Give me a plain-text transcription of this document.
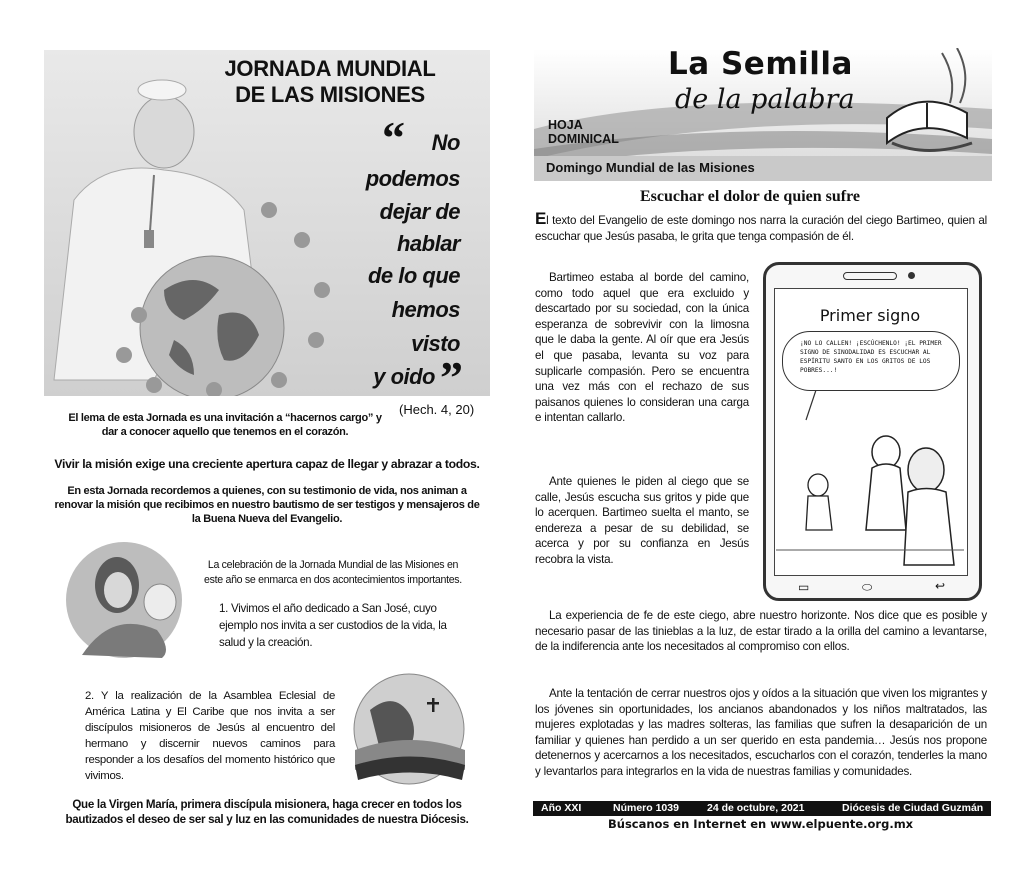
JORNADA MUNDIAL
DE LAS MISIONES
“	No
podemos
dejar de
hablar
de lo que
hemos
visto
y oido ”
(Hech. 4, 20)
El lema de esta Jornada es una invitación a “hacernos cargo” y dar a conocer aquello que tenemos en el corazón.
Vivir la misión exige una creciente apertura capaz de llegar y abrazar a todos.
En esta Jornada recordemos a quienes, con su testimonio de vida, nos animan a renovar la misión que recibimos en nuestro bautismo de ser testigos y mensajeros de la Buena Nueva del Evangelio.
La celebración de la Jornada Mundial de las Misiones en este año se enmarca en dos acontecimientos importantes.
1. Vivimos el año dedicado a San José, cuyo ejemplo nos invita a ser custodios de la vida, la salud y la creación.
2. Y la realización de la Asamblea Eclesial de América Latina y El Caribe que nos invita a ser discípulos misioneros de Jesús al encuentro del hermano y discernir nuevos caminos para responder a los desafíos del momento histórico que vivimos.
Que la Virgen María, primera discípula misionera, haga crecer en todos los bautizados el deseo de ser sal y luz en las comunidades de nuestra Diócesis.
La Semilla
de la palabra
HOJA
DOMINICAL
Domingo Mundial de las Misiones
Escuchar el dolor de quien sufre
El texto del Evangelio de este domingo nos narra la curación del ciego Bartimeo, quien al escuchar que Jesús pasaba, le grita que tenga compasión de él.
Bartimeo estaba al borde del camino, como todo aquel que era excluido y descartado por su sociedad, con la única esperanza de sobrevivir con la limosna que le daba la gente. Al oír que era Jesús el que pasaba, levanta su voz para suplicarle compasión. Pero se encuentra una vez más con el rechazo de sus paisanos quienes lo consideran una carga e intentan callarlo.
Ante quienes le piden al ciego que se calle, Jesús escucha sus gritos y pide que lo acerquen. Bartimeo suelta el manto, se endereza a pesar de su debilidad, se acerca y por su confianza en Jesús recobra la vista.
Primer signo
¡NO LO CALLEN! ¡ESCÚCHENLO! ¡EL PRIMER SIGNO DE SINODALIDAD ES ESCUCHAR AL ESPÍRITU SANTO EN LOS GRITOS DE LOS POBRES...!
▭	⬭	↩
La experiencia de fe de este ciego, abre nuestro horizonte. Nos dice que es posible y necesario pasar de las tinieblas a la luz, de estar tirado a la orilla del camino a levantarse, de la indiferencia ante los necesitados al compromiso con ellos.
Ante la tentación de cerrar nuestros ojos y oídos a la situación que viven los migrantes y los jóvenes sin oportunidades, los ancianos abandonados y los niños maltratados, las mujeres explotadas y las madres solteras, las familias que sufren la desaparición de un familiar y quienes han perdido a un ser querido en esta pandemia… Jesús nos propone detenernos y acercarnos a los necesitados, escucharlos con el corazón, tenderles la mano y levantarlos para integrarlos en la vida de nuestras familias y comunidades.
Año XXI	Número 1039	24 de octubre, 2021	Diócesis de Ciudad Guzmán
Búscanos en Internet en www.elpuente.org.mx
